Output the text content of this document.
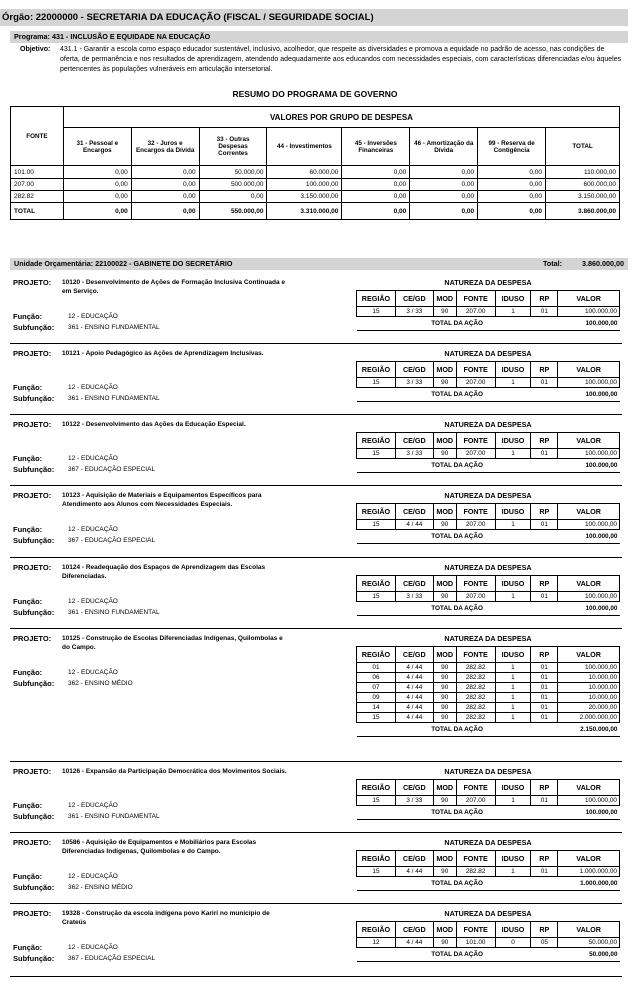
Órgão: 22000000 - SECRETARIA DA EDUCAÇÃO (FISCAL / SEGURIDADE SOCIAL)
Programa: 431 - INCLUSÃO E EQUIDADE NA EDUCAÇÃO
Objetivo: 431.1 - Garantir a escola como espaço educador sustentável, inclusivo, acolhedor, que respeite as diversidades e promova a equidade no padrão de acesso, nas condições de oferta, de permanência e nos resultados de aprendizagem, atendendo adequadamente aos educandos com necessidades especiais, com características diferenciadas e/ou àqueles pertencentes às populações vulneráveis em articulação intersetorial.
RESUMO DO PROGRAMA DE GOVERNO
FONTE	VALORES POR GRUPO DE DESPESA							
	31 - Pessoal e Encargos	32 - Juros e Encargos da Dívida	33 - Outras Despesas Correntes	44 - Investimentos	45 - Inversões Financeiras	46 - Amortização da Dívida	99 - Reserva de Contigência	TOTAL
101.00	0,00	0,00	50.000,00	60.000,00	0,00	0,00	0,00	110.000,00
207.00	0,00	0,00	500.000,00	100.000,00	0,00	0,00	0,00	600.000,00
282.82	0,00	0,00	0,00	3.150.000,00	0,00	0,00	0,00	3.150.000,00
TOTAL	0,00	0,00	550.000,00	3.310.000,00	0,00	0,00	0,00	3.860.000,00
Unidade Orçamentária: 22100022 - GABINETE DO SECRETÁRIO	Total:	3.860.000,00
PROJETO: 10120 - Desenvolvimento de Ações de Formação Inclusiva Continuada e em Serviço.
Função:	12 - EDUCAÇÃO
Subfunção: 361 - ENSINO FUNDAMENTAL
NATUREZA DA DESPESA
REGIÃO	CE/GD	MOD	FONTE	IDUSO	RP	VALOR
15	3 / 33	90	207.00	1	01	100.000,00
TOTAL DA AÇÃO						100.000,00
PROJETO: 10121 - Apoio Pedagógico às Ações de Aprendizagem Inclusivas.
Função:	12 - EDUCAÇÃO
Subfunção: 361 - ENSINO FUNDAMENTAL
NATUREZA DA DESPESA
REGIÃO	CE/GD	MOD	FONTE	IDUSO	RP	VALOR
15	3 / 33	90	207.00	1	01	100.000,00
TOTAL DA AÇÃO						100.000,00
PROJETO: 10122 - Desenvolvimento das Ações da Educação Especial.
Função:	12 - EDUCAÇÃO
Subfunção: 367 - EDUCAÇÃO ESPECIAL
NATUREZA DA DESPESA
REGIÃO	CE/GD	MOD	FONTE	IDUSO	RP	VALOR
15	3 / 33	90	207.00	1	01	100.000,00
TOTAL DA AÇÃO						100.000,00
PROJETO: 10123 - Aquisição de Materiais e Equipamentos Específicos para Atendimento aos Alunos com Necessidades Especiais.
Função:	12 - EDUCAÇÃO
Subfunção: 367 - EDUCAÇÃO ESPECIAL
NATUREZA DA DESPESA
REGIÃO	CE/GD	MOD	FONTE	IDUSO	RP	VALOR
15	4 / 44	90	207.00	1	01	100.000,00
TOTAL DA AÇÃO						100.000,00
PROJETO: 10124 - Readequação dos Espaços de Aprendizagem das Escolas Diferenciadas.
Função:	12 - EDUCAÇÃO
Subfunção: 361 - ENSINO FUNDAMENTAL
NATUREZA DA DESPESA
REGIÃO	CE/GD	MOD	FONTE	IDUSO	RP	VALOR
15	3 / 33	90	207.00	1	01	100.000,00
TOTAL DA AÇÃO						100.000,00
PROJETO: 10125 - Construção de Escolas Diferenciadas Indígenas, Quilombolas e do Campo.
Função:	12 - EDUCAÇÃO
Subfunção: 362 - ENSINO MÉDIO
NATUREZA DA DESPESA
REGIÃO	CE/GD	MOD	FONTE	IDUSO	RP	VALOR
01	4 / 44	90	282.82	1	01	100.000,00
06	4 / 44	90	282.82	1	01	10.000,00
07	4 / 44	90	282.82	1	01	10.000,00
09	4 / 44	90	282.82	1	01	10.000,00
14	4 / 44	90	282.82	1	01	20.000,00
15	4 / 44	90	282.82	1	01	2.000.000,00
TOTAL DA AÇÃO						2.150.000,00
PROJETO: 10126 - Expansão da Participação Democrática dos Movimentos Sociais.
Função:	12 - EDUCAÇÃO
Subfunção: 361 - ENSINO FUNDAMENTAL
NATUREZA DA DESPESA
REGIÃO	CE/GD	MOD	FONTE	IDUSO	RP	VALOR
15	3 / 33	90	207.00	1	01	100.000,00
TOTAL DA AÇÃO						100.000,00
PROJETO: 10586 - Aquisição de Equipamentos e Mobiliários para Escolas Diferenciadas Indígenas, Quilombolas e do Campo.
Função:	12 - EDUCAÇÃO
Subfunção: 362 - ENSINO MÉDIO
NATUREZA DA DESPESA
REGIÃO	CE/GD	MOD	FONTE	IDUSO	RP	VALOR
15	4 / 44	90	282.82	1	01	1.000.000,00
TOTAL DA AÇÃO						1.000.000,00
PROJETO: 19328 - Construção da escola indígena povo Kariri no município de Crateús
Função:	12 - EDUCAÇÃO
Subfunção: 367 - EDUCAÇÃO ESPECIAL
NATUREZA DA DESPESA
REGIÃO	CE/GD	MOD	FONTE	IDUSO	RP	VALOR
12	4 / 44	90	101.00	0	05	50.000,00
TOTAL DA AÇÃO						50.000,00
